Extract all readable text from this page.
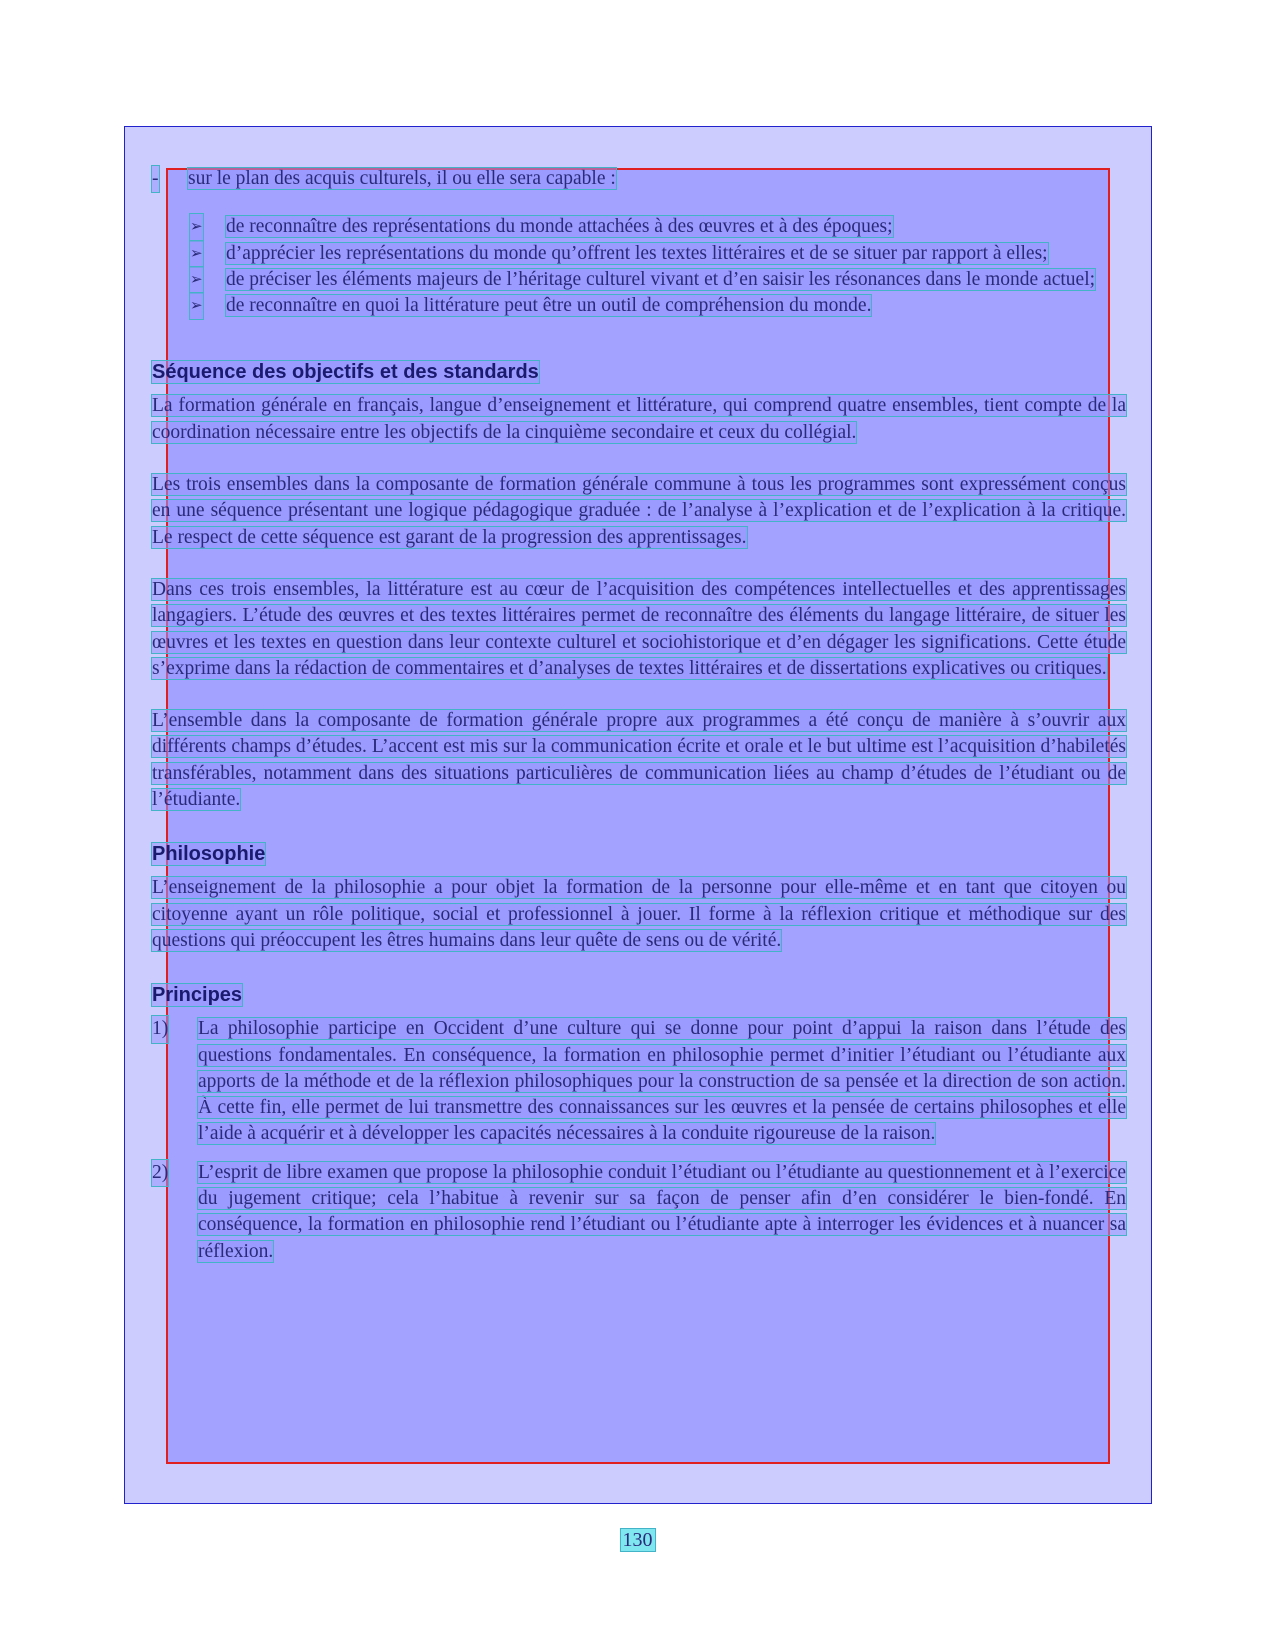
- sur le plan des acquis culturels, il ou elle sera capable :
➢ de reconnaître des représentations du monde attachées à des œuvres et à des époques;
➢ d’apprécier les représentations du monde qu’offrent les textes littéraires et de se situer par rapport à elles;
➢ de préciser les éléments majeurs de l’héritage culturel vivant et d’en saisir les résonances dans le monde actuel;
➢ de reconnaître en quoi la littérature peut être un outil de compréhension du monde.
Séquence des objectifs et des standards

La formation générale en français, langue d’enseignement et littérature, qui comprend quatre ensembles, tient compte de la coordination nécessaire entre les objectifs de la cinquième secondaire et ceux du collégial.

Les trois ensembles dans la composante de formation générale commune à tous les programmes sont expressément conçus en une séquence présentant une logique pédagogique graduée : de l’analyse à l’explication et de l’explication à la critique. Le respect de cette séquence est garant de la progression des apprentissages.

Dans ces trois ensembles, la littérature est au cœur de l’acquisition des compétences intellectuelles et des apprentissages langagiers. L’étude des œuvres et des textes littéraires permet de reconnaître des éléments du langage littéraire, de situer les œuvres et les textes en question dans leur contexte culturel et sociohistorique et d’en dégager les significations. Cette étude s’exprime dans la rédaction de commentaires et d’analyses de textes littéraires et de dissertations explicatives ou critiques.

L’ensemble dans la composante de formation générale propre aux programmes a été conçu de manière à s’ouvrir aux différents champs d’études. L’accent est mis sur la communication écrite et orale et le but ultime est l’acquisition d’habiletés transférables, notamment dans des situations particulières de communication liées au champ d’études de l’étudiant ou de l’étudiante.

Philosophie

L’enseignement de la philosophie a pour objet la formation de la personne pour elle-même et en tant que citoyen ou citoyenne ayant un rôle politique, social et professionnel à jouer. Il forme à la réflexion critique et méthodique sur des questions qui préoccupent les êtres humains dans leur quête de sens ou de vérité.

Principes
1) La philosophie participe en Occident d’une culture qui se donne pour point d’appui la raison dans l’étude des questions fondamentales. En conséquence, la formation en philosophie permet d’initier l’étudiant ou l’étudiante aux apports de la méthode et de la réflexion philosophiques pour la construction de sa pensée et la direction de son action. À cette fin, elle permet de lui transmettre des connaissances sur les œuvres et la pensée de certains philosophes et elle l’aide à acquérir et à développer les capacités nécessaires à la conduite rigoureuse de la raison.
2) L’esprit de libre examen que propose la philosophie conduit l’étudiant ou l’étudiante au questionnement et à l’exercice du jugement critique; cela l’habitue à revenir sur sa façon de penser afin d’en considérer le bien-fondé. En conséquence, la formation en philosophie rend l’étudiant ou l’étudiante apte à interroger les évidences et à nuancer sa réflexion.
130
